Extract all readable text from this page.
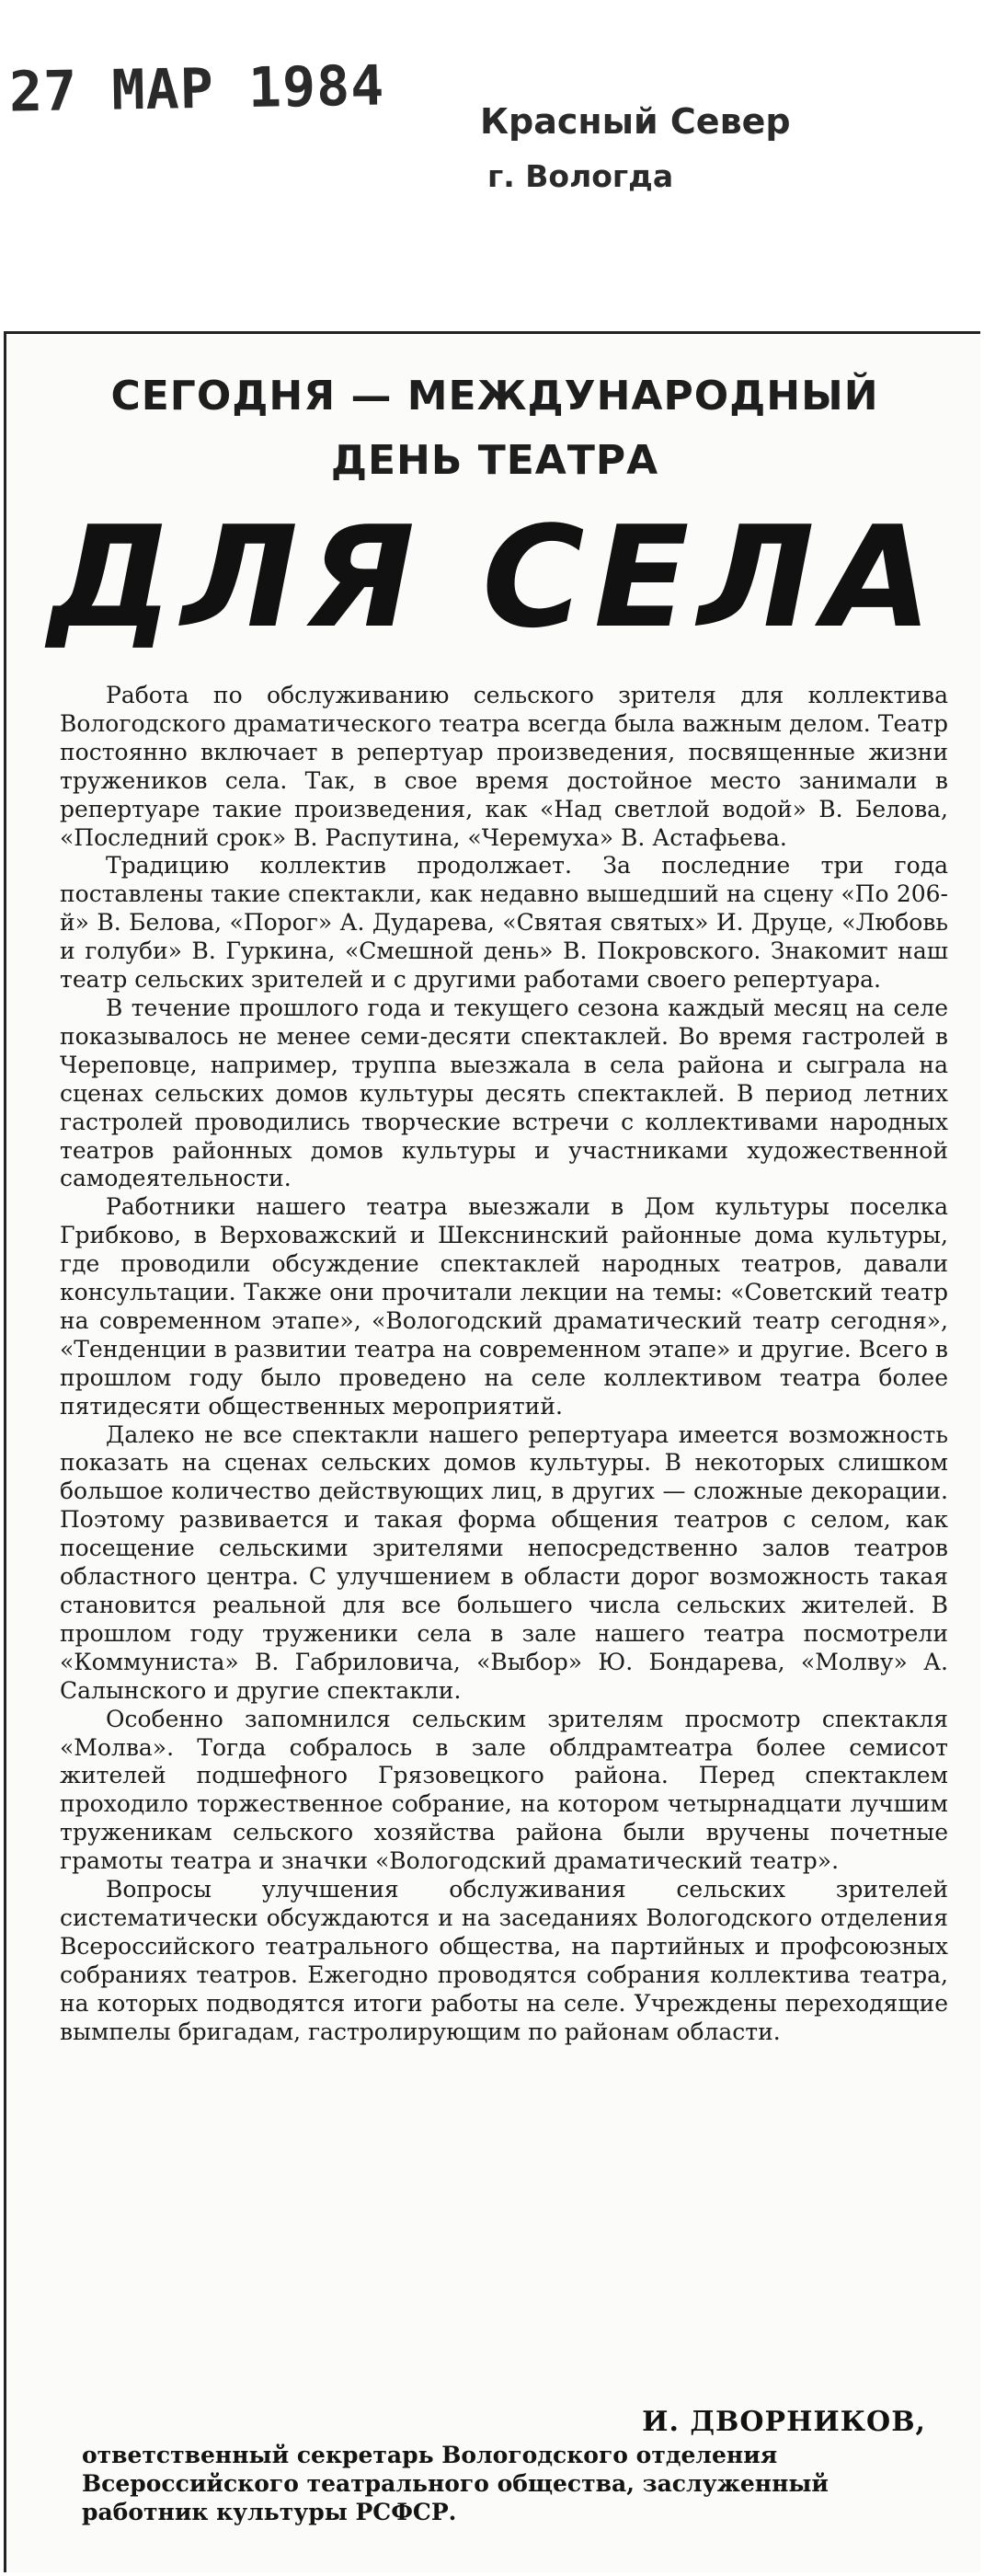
27 МАР 1984	Красный Север
г. Вологда
СЕГОДНЯ — МЕЖДУНАРОДНЫЙ
ДЕНЬ ТЕАТРА
ДЛЯ СЕЛА

Работа по обслуживанию сельского зрителя для коллектива Вологодского драматического театра всегда была важным делом. Театр постоянно включает в репертуар произведения, посвященные жизни тружеников села. Так, в свое время достойное место занимали в репертуаре такие произведения, как «Над светлой водой» В. Белова, «Последний срок» В. Распутина, «Черемуха» В. Астафьева.

Традицию коллектив продолжает. За последние три года поставлены такие спектакли, как недавно вышедший на сцену «По 206-й» В. Белова, «Порог» А. Дударева, «Святая святых» И. Друце, «Любовь и голуби» В. Гуркина, «Смешной день» В. Покровского. Знакомит наш театр сельских зрителей и с другими работами своего репертуара.

В течение прошлого года и текущего сезона каждый месяц на селе показывалось не менее семи-десяти спектаклей. Во время гастролей в Череповце, например, труппа выезжала в села района и сыграла на сценах сельских домов культуры десять спектаклей. В период летних гастролей проводились творческие встречи с коллективами народных театров районных домов культуры и участниками художественной самодеятельности.

Работники нашего театра выезжали в Дом культуры поселка Грибково, в Верховажский и Шекснинский районные дома культуры, где проводили обсуждение спектаклей народных театров, давали консультации. Также они прочитали лекции на темы: «Советский театр на современном этапе», «Вологодский драматический театр сегодня», «Тенденции в развитии театра на современном этапе» и другие. Всего в прошлом году было проведено на селе коллективом театра более пятидесяти общественных мероприятий.

Далеко не все спектакли нашего репертуара имеется возможность показать на сценах сельских домов культуры. В некоторых слишком большое количество действующих лиц, в других — сложные декорации. Поэтому развивается и такая форма общения театров с селом, как посещение сельскими зрителями непосредственно залов театров областного центра. С улучшением в области дорог возможность такая становится реальной для все большего числа сельских жителей. В прошлом году труженики села в зале нашего театра посмотрели «Коммуниста» В. Габриловича, «Выбор» Ю. Бондарева, «Молву» А. Салынского и другие спектакли.

Особенно запомнился сельским зрителям просмотр спектакля «Молва». Тогда собралось в зале облдрамтеатра более семисот жителей подшефного Грязовецкого района. Перед спектаклем проходило торжественное собрание, на котором четырнадцати лучшим труженикам сельского хозяйства района были вручены почетные грамоты театра и значки «Вологодский драматический театр».

Вопросы улучшения обслуживания сельских зрителей систематически обсуждаются и на заседаниях Вологодского отделения Всероссийского театрального общества, на партийных и профсоюзных собраниях театров. Ежегодно проводятся собрания коллектива театра, на которых подводятся итоги работы на селе. Учреждены переходящие вымпелы бригадам, гастролирующим по районам области.

И. ДВОРНИКОВ,
ответственный секретарь Вологодского отделения Всероссийского театрального общества, заслуженный работник культуры РСФСР.
